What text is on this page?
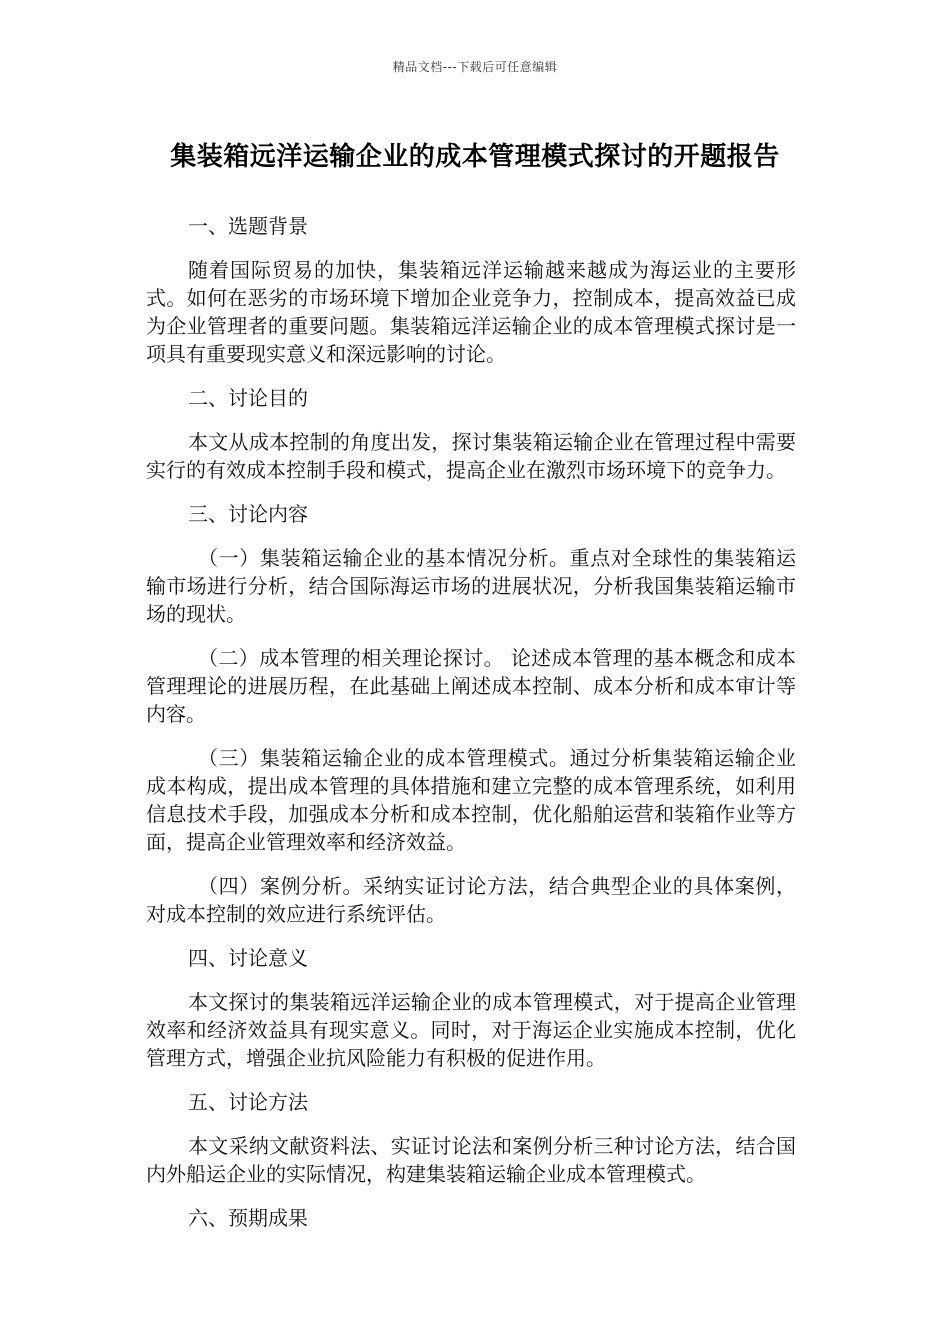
精品文档---下载后可任意编辑
集装箱远洋运输企业的成本管理模式探讨的开题报告
一、选题背景

随着国际贸易的加快，集装箱远洋运输越来越成为海运业的主要形式。如何在恶劣的市场环境下增加企业竞争力，控制成本，提高效益已成为企业管理者的重要问题。集装箱远洋运输企业的成本管理模式探讨是一项具有重要现实意义和深远影响的讨论。

二、讨论目的

本文从成本控制的角度出发，探讨集装箱运输企业在管理过程中需要实行的有效成本控制手段和模式，提高企业在激烈市场环境下的竞争力。

三、讨论内容

（一）集装箱运输企业的基本情况分析。重点对全球性的集装箱运输市场进行分析，结合国际海运市场的进展状况，分析我国集装箱运输市场的现状。

（二）成本管理的相关理论探讨。 论述成本管理的基本概念和成本管理理论的进展历程，在此基础上阐述成本控制、成本分析和成本审计等内容。

（三）集装箱运输企业的成本管理模式。通过分析集装箱运输企业成本构成，提出成本管理的具体措施和建立完整的成本管理系统，如利用信息技术手段，加强成本分析和成本控制，优化船舶运营和装箱作业等方面，提高企业管理效率和经济效益。

（四）案例分析。采纳实证讨论方法，结合典型企业的具体案例，对成本控制的效应进行系统评估。

四、讨论意义

本文探讨的集装箱远洋运输企业的成本管理模式，对于提高企业管理效率和经济效益具有现实意义。同时，对于海运企业实施成本控制，优化管理方式，增强企业抗风险能力有积极的促进作用。

五、讨论方法

本文采纳文献资料法、实证讨论法和案例分析三种讨论方法，结合国内外船运企业的实际情况，构建集装箱运输企业成本管理模式。

六、预期成果
